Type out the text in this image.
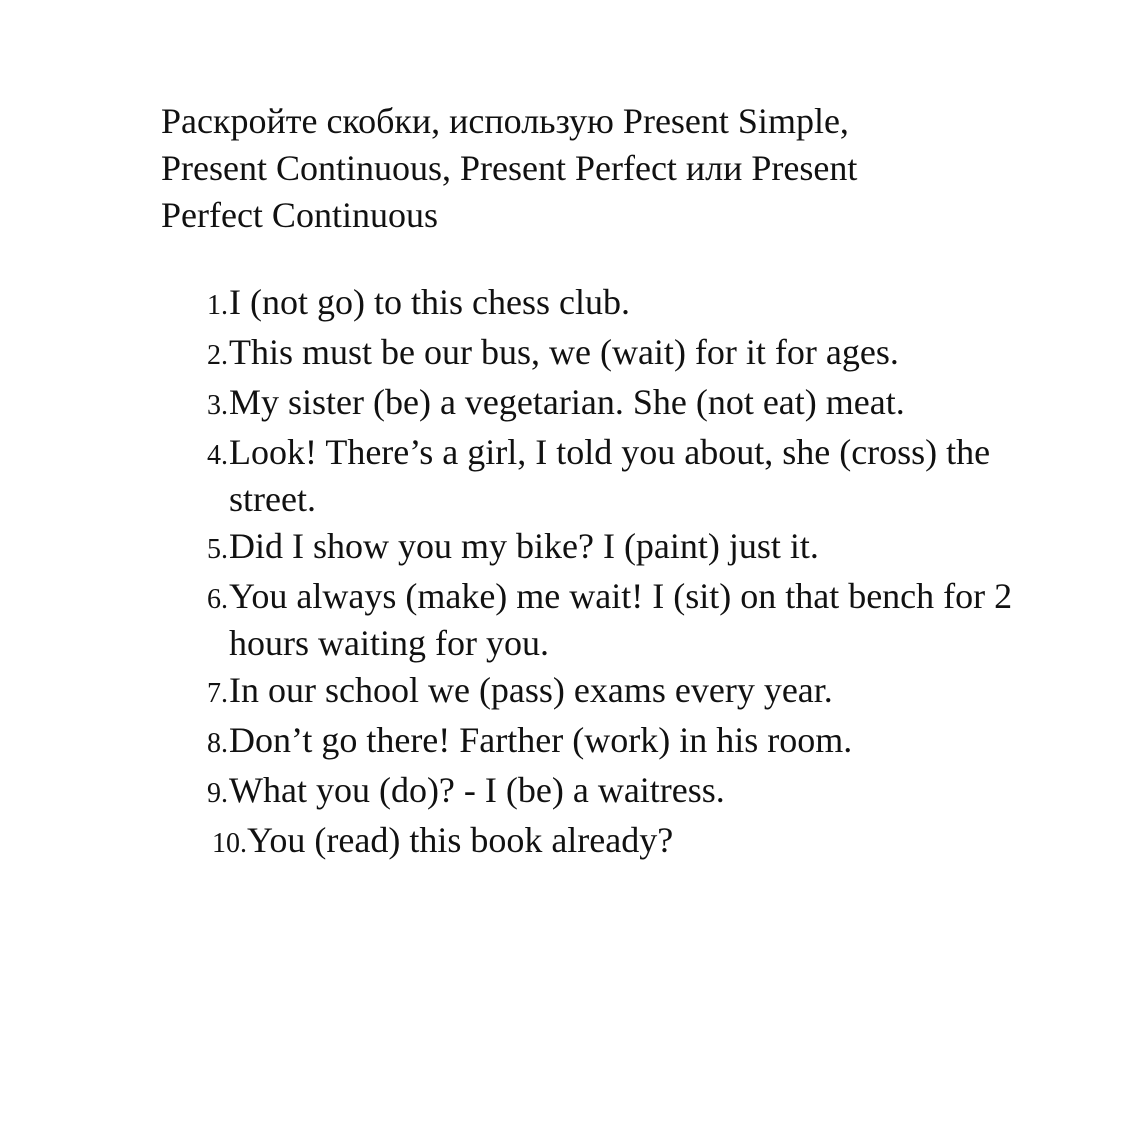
Раскройте скобки, использую Present Simple, Present Continuous, Present Perfect или Present Perfect Continuous

1. I (not go) to this chess club.
2. This must be our bus, we (wait) for it for ages.
3. My sister (be) a vegetarian. She (not eat) meat.
4. Look! There’s a girl, I told you about, she (cross) the street.
5. Did I show you my bike? I (paint) just it.
6. You always (make) me wait! I (sit) on that bench for 2 hours waiting for you.
7. In our school we (pass) exams every year.
8. Don’t go there! Farther (work) in his room.
9. What you (do)? - I (be) a waitress.
10. You (read) this book already?
